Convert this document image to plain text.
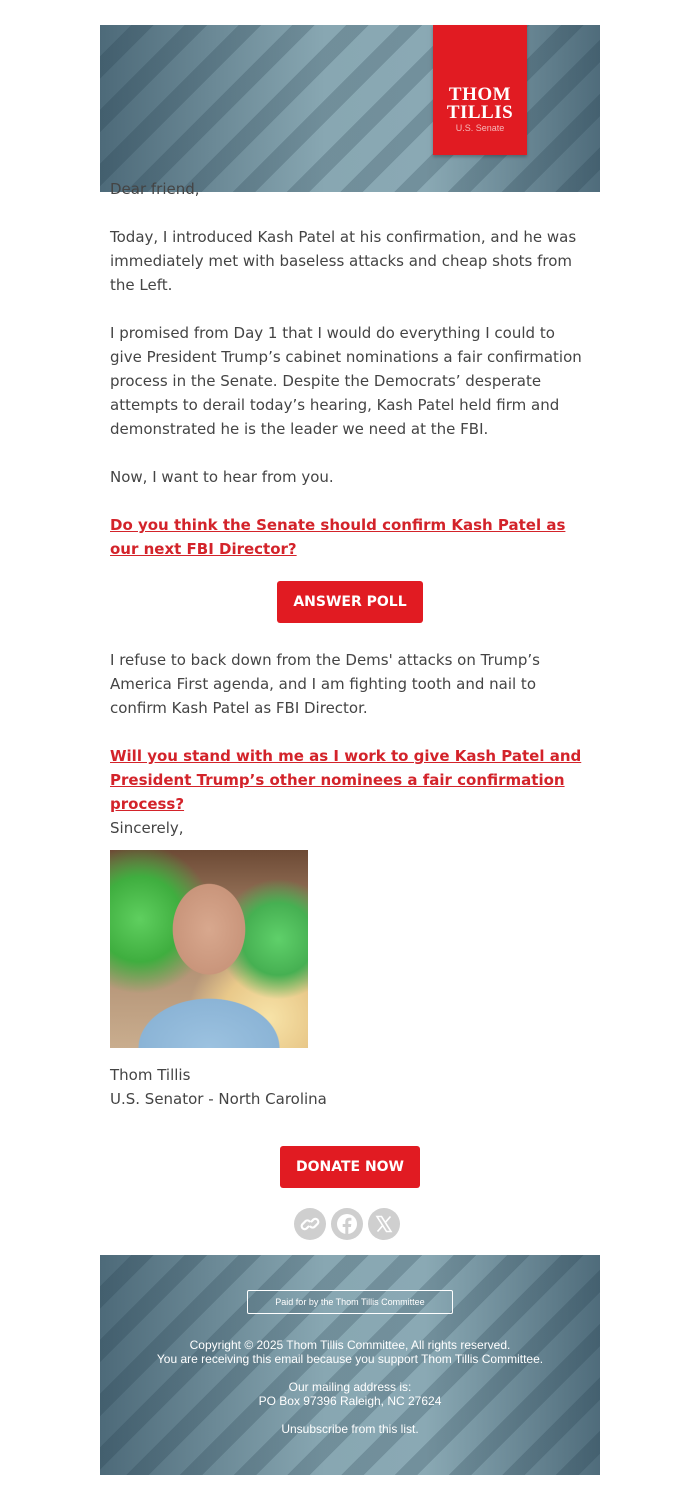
THOM
TILLIS
U.S. Senate

Dear friend,

Today, I introduced Kash Patel at his confirmation, and he was immediately met with baseless attacks and cheap shots from the Left.

I promised from Day 1 that I would do everything I could to give President Trump’s cabinet nominations a fair confirmation process in the Senate. Despite the Democrats’ desperate attempts to derail today’s hearing, Kash Patel held firm and demonstrated he is the leader we need at the FBI.

Now, I want to hear from you.

Do you think the Senate should confirm Kash Patel as our next FBI Director?

ANSWER POLL

I refuse to back down from the Dems' attacks on Trump’s America First agenda, and I am fighting tooth and nail to confirm Kash Patel as FBI Director.

Will you stand with me as I work to give Kash Patel and President Trump’s other nominees a fair confirmation process?

Sincerely,

Thom Tillis

U.S. Senator - North Carolina

DONATE NOW
Paid for by the Thom Tillis Committee
Copyright © 2025 Thom Tillis Committee, All rights reserved.
You are receiving this email because you support Thom Tillis Committee.
Our mailing address is:
PO Box 97396 Raleigh, NC 27624
Unsubscribe from this list.
